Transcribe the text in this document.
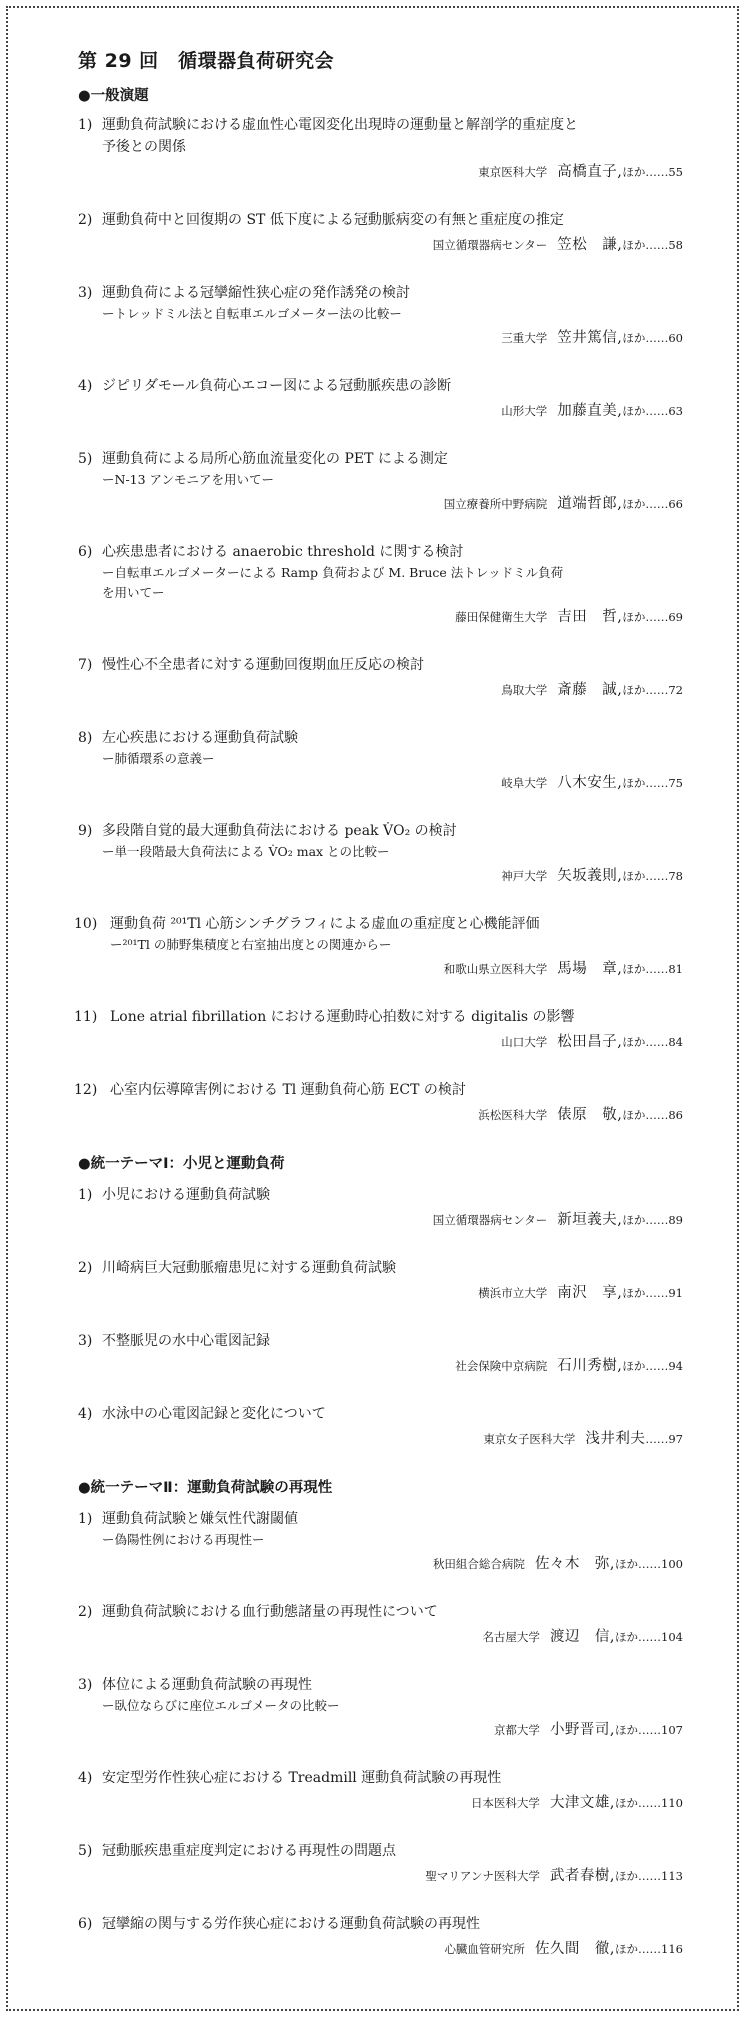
第 29 回　循環器負荷研究会
●一般演題
1) 運動負荷試験における虚血性心電図変化出現時の運動量と解剖学的重症度と
予後との関係
東京医科大学 高橋直子,ほか……55
2) 運動負荷中と回復期の ST 低下度による冠動脈病変の有無と重症度の推定
国立循環器病センター 笠松　謙,ほか……58
3) 運動負荷による冠攣縮性狭心症の発作誘発の検討
ートレッドミル法と自転車エルゴメーター法の比較ー
三重大学 笠井篤信,ほか……60
4) ジピリダモール負荷心エコー図による冠動脈疾患の診断
山形大学 加藤直美,ほか……63
5) 運動負荷による局所心筋血流量変化の PET による測定
ーN-13 アンモニアを用いてー
国立療養所中野病院 道端哲郎,ほか……66
6) 心疾患患者における anaerobic threshold に関する検討
ー自転車エルゴメーターによる Ramp 負荷および M. Bruce 法トレッドミル負荷
を用いてー
藤田保健衛生大学 吉田　哲,ほか……69
7) 慢性心不全患者に対する運動回復期血圧反応の検討
鳥取大学 斎藤　誠,ほか……72
8) 左心疾患における運動負荷試験
ー肺循環系の意義ー
岐阜大学 八木安生,ほか……75
9) 多段階自覚的最大運動負荷法における peak V̇O₂ の検討
ー単一段階最大負荷法による V̇O₂ max との比較ー
神戸大学 矢坂義則,ほか……78
10) 運動負荷 ²⁰¹Tl 心筋シンチグラフィによる虚血の重症度と心機能評価
ー²⁰¹Tl の肺野集積度と右室抽出度との関連からー
和歌山県立医科大学 馬場　章,ほか……81
11) Lone atrial fibrillation における運動時心拍数に対する digitalis の影響
山口大学 松田昌子,ほか……84
12) 心室内伝導障害例における Tl 運動負荷心筋 ECT の検討
浜松医科大学 俵原　敬,ほか……86
●統一テーマⅠ：小児と運動負荷
1) 小児における運動負荷試験
国立循環器病センター 新垣義夫,ほか……89
2) 川崎病巨大冠動脈瘤患児に対する運動負荷試験
横浜市立大学 南沢　享,ほか……91
3) 不整脈児の水中心電図記録
社会保険中京病院 石川秀樹,ほか……94
4) 水泳中の心電図記録と変化について
東京女子医科大学 浅井利夫……97
●統一テーマⅡ：運動負荷試験の再現性
1) 運動負荷試験と嫌気性代謝閾値
ー偽陽性例における再現性ー
秋田組合総合病院 佐々木　弥,ほか……100
2) 運動負荷試験における血行動態諸量の再現性について
名古屋大学 渡辺　信,ほか……104
3) 体位による運動負荷試験の再現性
ー臥位ならびに座位エルゴメータの比較ー
京都大学 小野晋司,ほか……107
4) 安定型労作性狭心症における Treadmill 運動負荷試験の再現性
日本医科大学 大津文雄,ほか……110
5) 冠動脈疾患重症度判定における再現性の問題点
聖マリアンナ医科大学 武者春樹,ほか……113
6) 冠攣縮の関与する労作狭心症における運動負荷試験の再現性
心臓血管研究所 佐久間　徹,ほか……116
